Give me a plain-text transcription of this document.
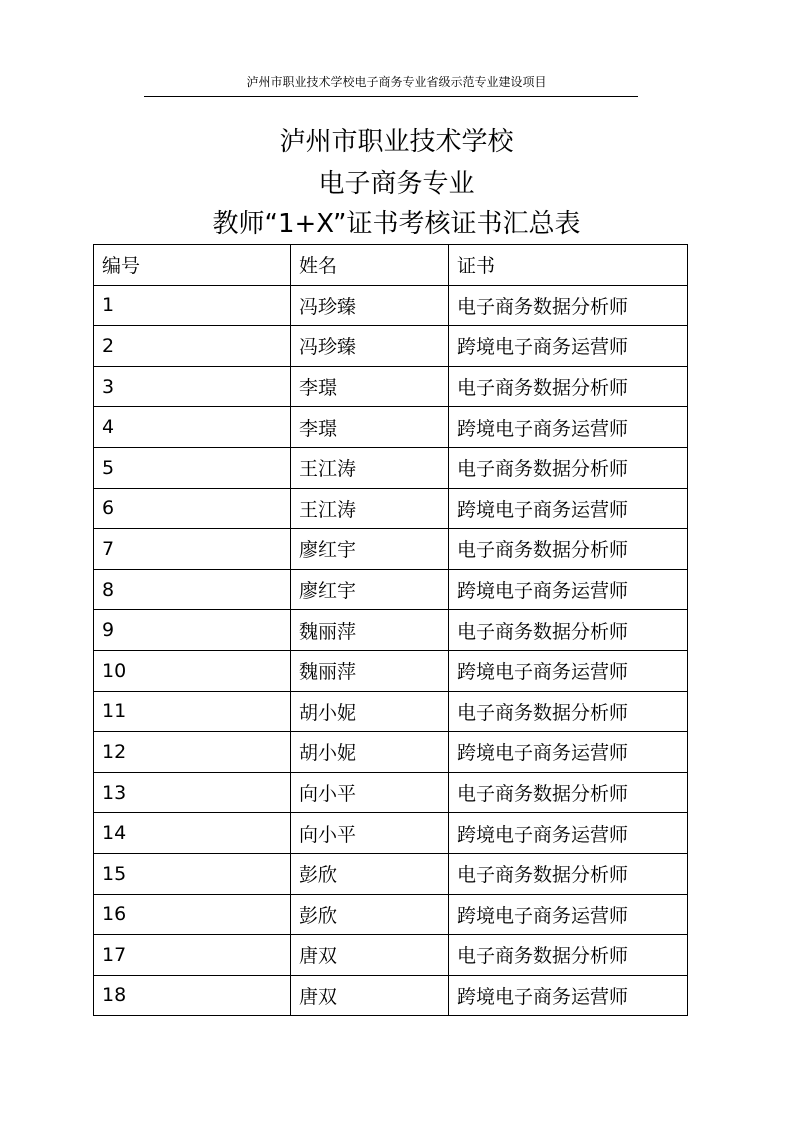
泸州市职业技术学校电子商务专业省级示范专业建设项目
泸州市职业技术学校
电子商务专业
教师“1+X”证书考核证书汇总表
编号	姓名	证书
1	冯珍臻	电子商务数据分析师
2	冯珍臻	跨境电子商务运营师
3	李璟	电子商务数据分析师
4	李璟	跨境电子商务运营师
5	王江涛	电子商务数据分析师
6	王江涛	跨境电子商务运营师
7	廖红宇	电子商务数据分析师
8	廖红宇	跨境电子商务运营师
9	魏丽萍	电子商务数据分析师
10	魏丽萍	跨境电子商务运营师
11	胡小妮	电子商务数据分析师
12	胡小妮	跨境电子商务运营师
13	向小平	电子商务数据分析师
14	向小平	跨境电子商务运营师
15	彭欣	电子商务数据分析师
16	彭欣	跨境电子商务运营师
17	唐双	电子商务数据分析师
18	唐双	跨境电子商务运营师
